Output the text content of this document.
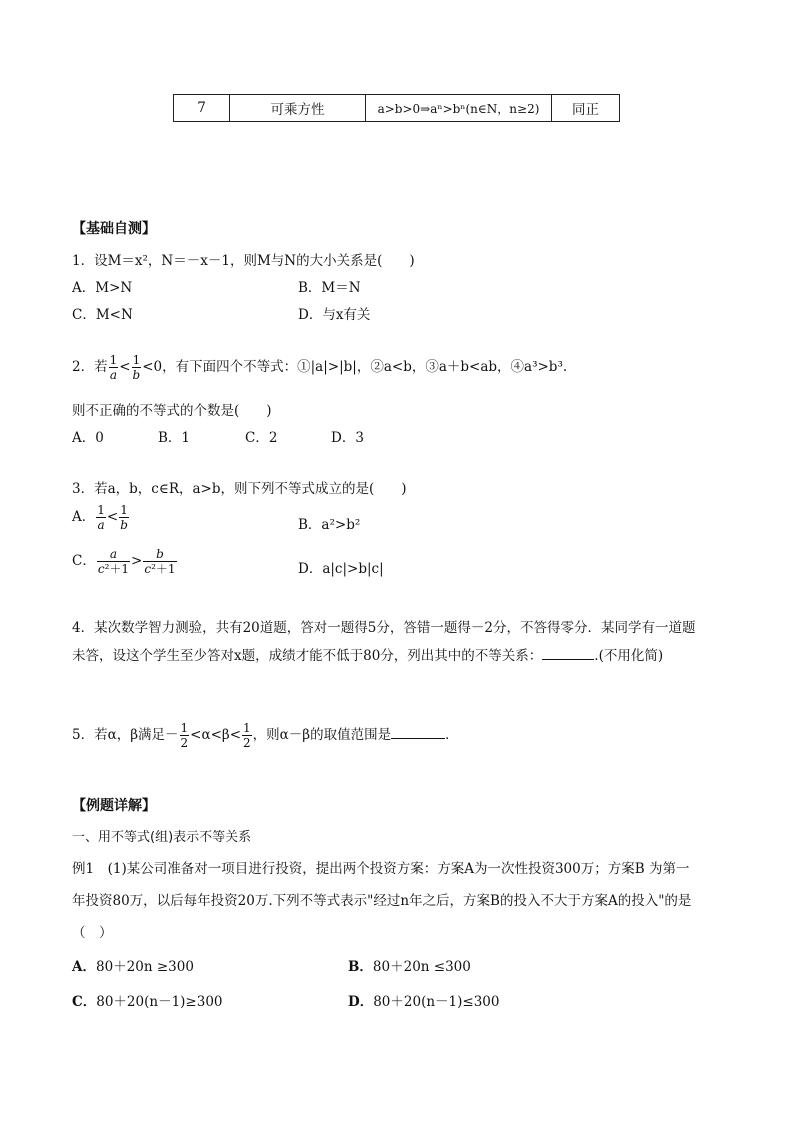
7	可乘方性	a>b>0⇒aⁿ>bⁿ(n∈N，n≥2)	同正
【基础自测】
1．设M＝x²，N＝－x－1，则M与N的大小关系是(　　)
A．M>N	B．M＝N
C．M<N	D．与x有关
2．若 $\frac{1}{a} < \frac{1}{b} <0$，有下面四个不等式：①|a|>|b|，②a<b，③a＋b<ab，④a³>b³.
则不正确的不等式的个数是(　　)
A．0	B．1	C．2	D．3
3．若a，b，c∈R，a>b，则下列不等式成立的是(　　)
A． $\frac{1}{a} < \frac{1}{b}$	B．a²>b²
C． $\frac{a}{\text{c²＋1}} > \frac{b}{\text{c²＋1}}$	D．a|c|>b|c|
4．某次数学智力测验，共有20道题，答对一题得5分，答错一题得－2分，不答得零分．某同学有一道题
未答，设这个学生至少答对x题，成绩才能不低于80分，列出其中的不等关系：	.(不用化简)
5．若α，β满足－ $\frac{1}{2} <\alpha<\beta< \frac{1}{2}$ ，则α－β的取值范围是	．
【例题详解】
一、用不等式(组)表示不等关系
例1　(1)某公司准备对一项目进行投资，提出两个投资方案：方案A为一次性投资300万；方案B 为第一
年投资80万，以后每年投资20万.下列不等式表示"经过n年之后，方案B的投入不大于方案A的投入"的是
（　）
A．80＋20n ≥300	B．80＋20n ≤300
C．80＋20(n－1)≥300	D．80＋20(n－1)≤300
